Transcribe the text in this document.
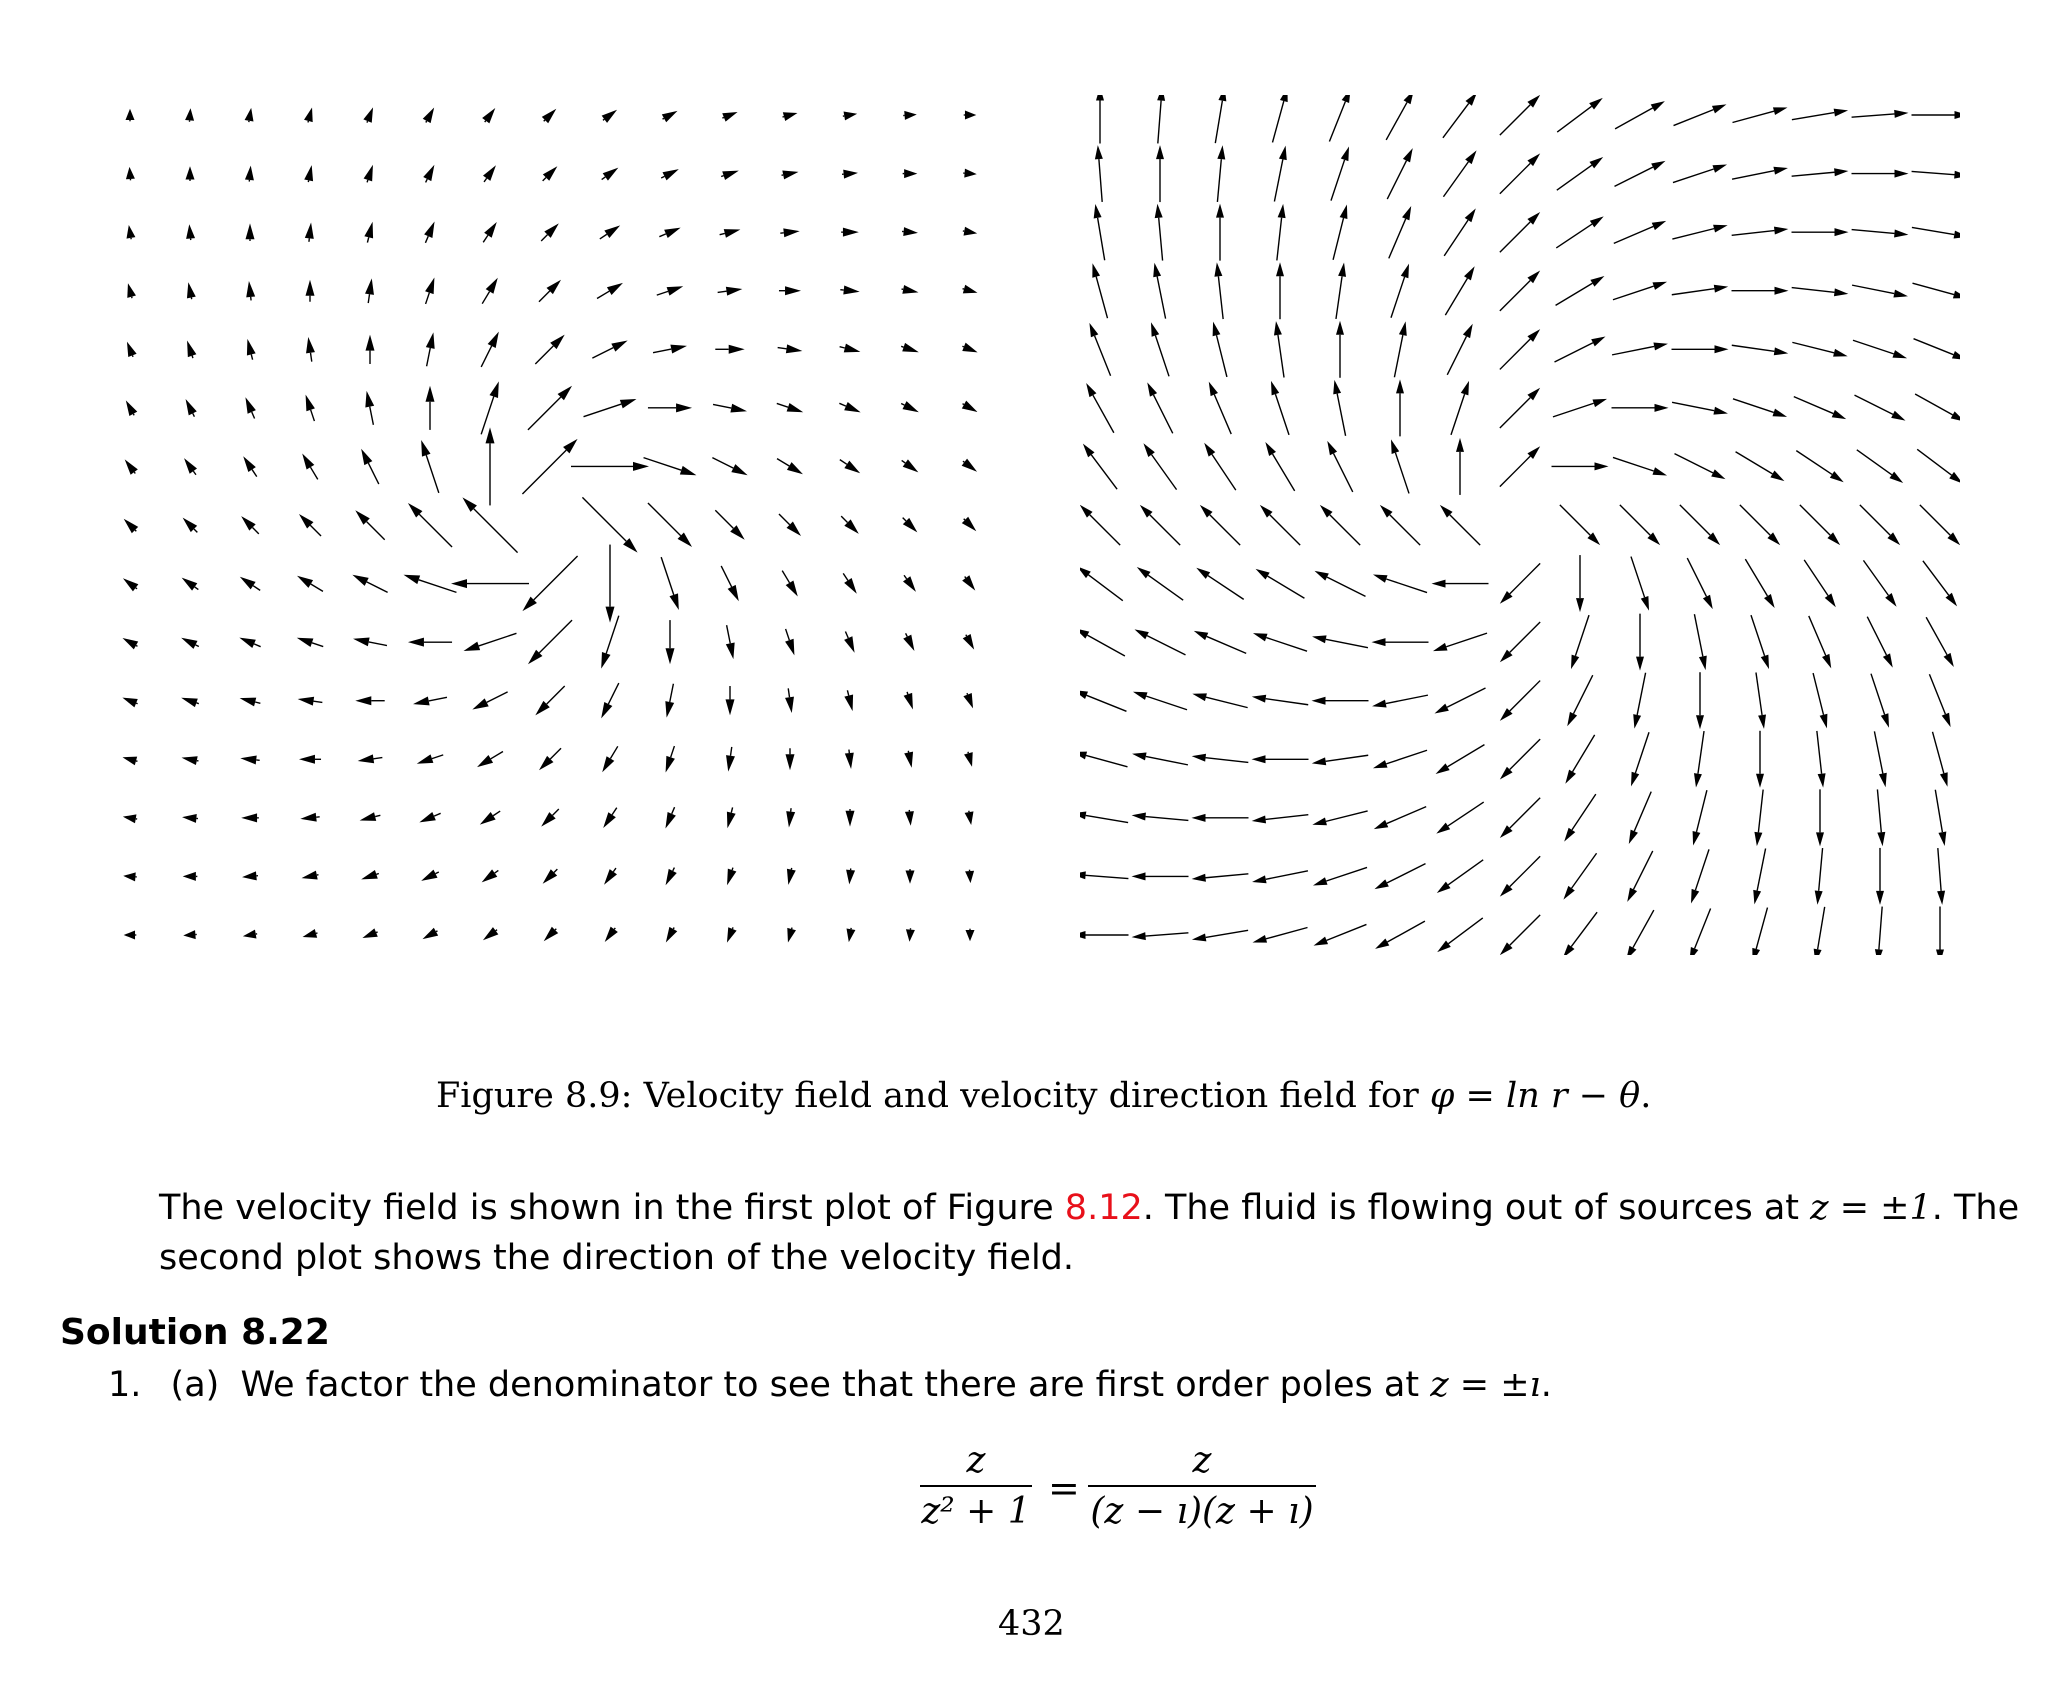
Figure 8.9: Velocity field and velocity direction field for φ = ln r − θ.
The velocity field is shown in the first plot of Figure 8.12. The fluid is flowing out of sources at z = ±1. The
second plot shows the direction of the velocity field.
Solution 8.22
1. (a) We factor the denominator to see that there are first order poles at z = ±ı.
$\frac{z}{\text{z² + 1}} = \frac{z}{(z - ı)(z + ı)}$
432
